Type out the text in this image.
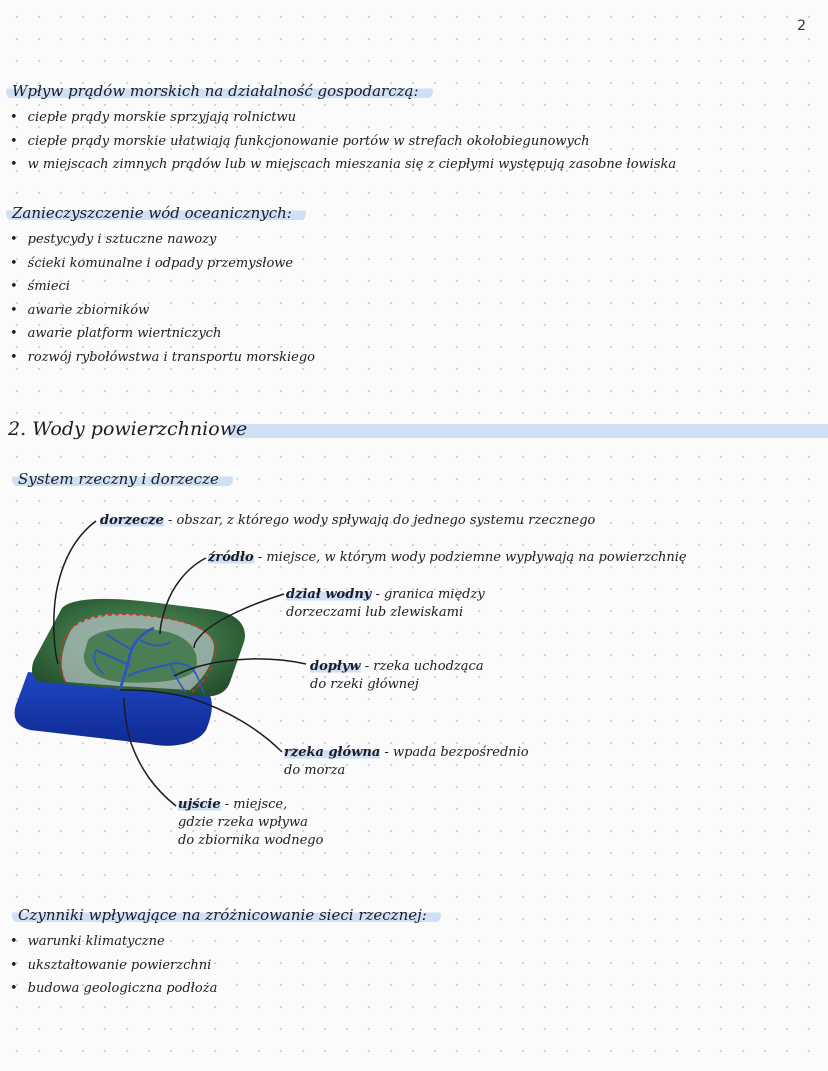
2
Wpływ prądów morskich na działalność gospodarczą:
• ciepłe prądy morskie sprzyjają rolnictwu
• ciepłe prądy morskie ułatwiają funkcjonowanie portów w strefach okołobiegunowych
• w miejscach zimnych prądów lub w miejscach mieszania się z ciepłymi występują zasobne łowiska
Zanieczyszczenie wód oceanicznych:
• pestycydy i sztuczne nawozy
• ścieki komunalne i odpady przemysłowe
• śmieci
• awarie zbiorników
• awarie platform wiertniczych
• rozwój rybołówstwa i transportu morskiego
2. Wody powierzchniowe
System rzeczny i dorzecze
dorzecze - obszar, z którego wody spływają do jednego systemu rzecznego
źródło - miejsce, w którym wody podziemne wypływają na powierzchnię
dział wodny - granica między
dorzeczami lub zlewiskami
dopływ - rzeka uchodząca
do rzeki głównej
rzeka główna - wpada bezpośrednio
do morza
ujście - miejsce,
gdzie rzeka wpływa
do zbiornika wodnego
Czynniki wpływające na zróżnicowanie sieci rzecznej:
• warunki klimatyczne
• ukształtowanie powierzchni
• budowa geologiczna podłoża
